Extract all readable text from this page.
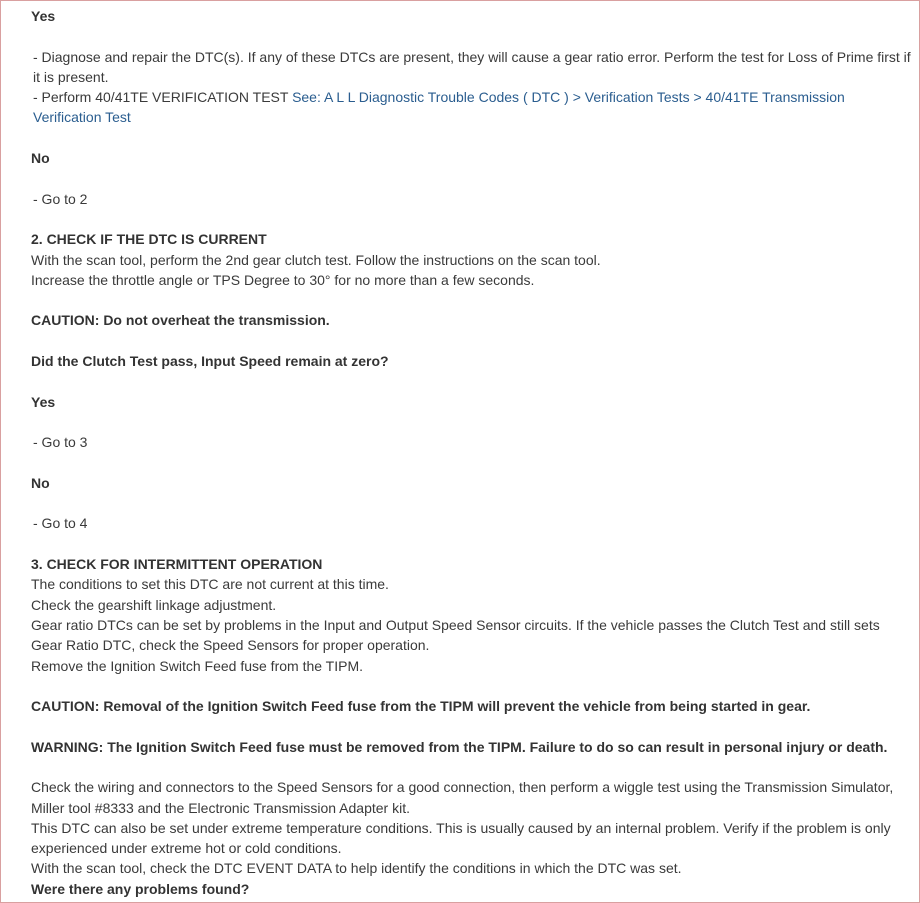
Yes
- Diagnose and repair the DTC(s). If any of these DTCs are present, they will cause a gear ratio error. Perform the test for Loss of Prime first if it is present.
- Perform 40/41TE VERIFICATION TEST See: A L L Diagnostic Trouble Codes ( DTC ) > Verification Tests > 40/41TE Transmission Verification Test
No
- Go to 2
2. CHECK IF THE DTC IS CURRENT
With the scan tool, perform the 2nd gear clutch test. Follow the instructions on the scan tool.
Increase the throttle angle or TPS Degree to 30° for no more than a few seconds.
CAUTION: Do not overheat the transmission.
Did the Clutch Test pass, Input Speed remain at zero?
Yes
- Go to 3
No
- Go to 4
3. CHECK FOR INTERMITTENT OPERATION
The conditions to set this DTC are not current at this time.
Check the gearshift linkage adjustment.
Gear ratio DTCs can be set by problems in the Input and Output Speed Sensor circuits. If the vehicle passes the Clutch Test and still sets Gear Ratio DTC, check the Speed Sensors for proper operation.
Remove the Ignition Switch Feed fuse from the TIPM.
CAUTION: Removal of the Ignition Switch Feed fuse from the TIPM will prevent the vehicle from being started in gear.
WARNING: The Ignition Switch Feed fuse must be removed from the TIPM. Failure to do so can result in personal injury or death.
Check the wiring and connectors to the Speed Sensors for a good connection, then perform a wiggle test using the Transmission Simulator, Miller tool #8333 and the Electronic Transmission Adapter kit.
This DTC can also be set under extreme temperature conditions. This is usually caused by an internal problem. Verify if the problem is only experienced under extreme hot or cold conditions.
With the scan tool, check the DTC EVENT DATA to help identify the conditions in which the DTC was set.
Were there any problems found?
